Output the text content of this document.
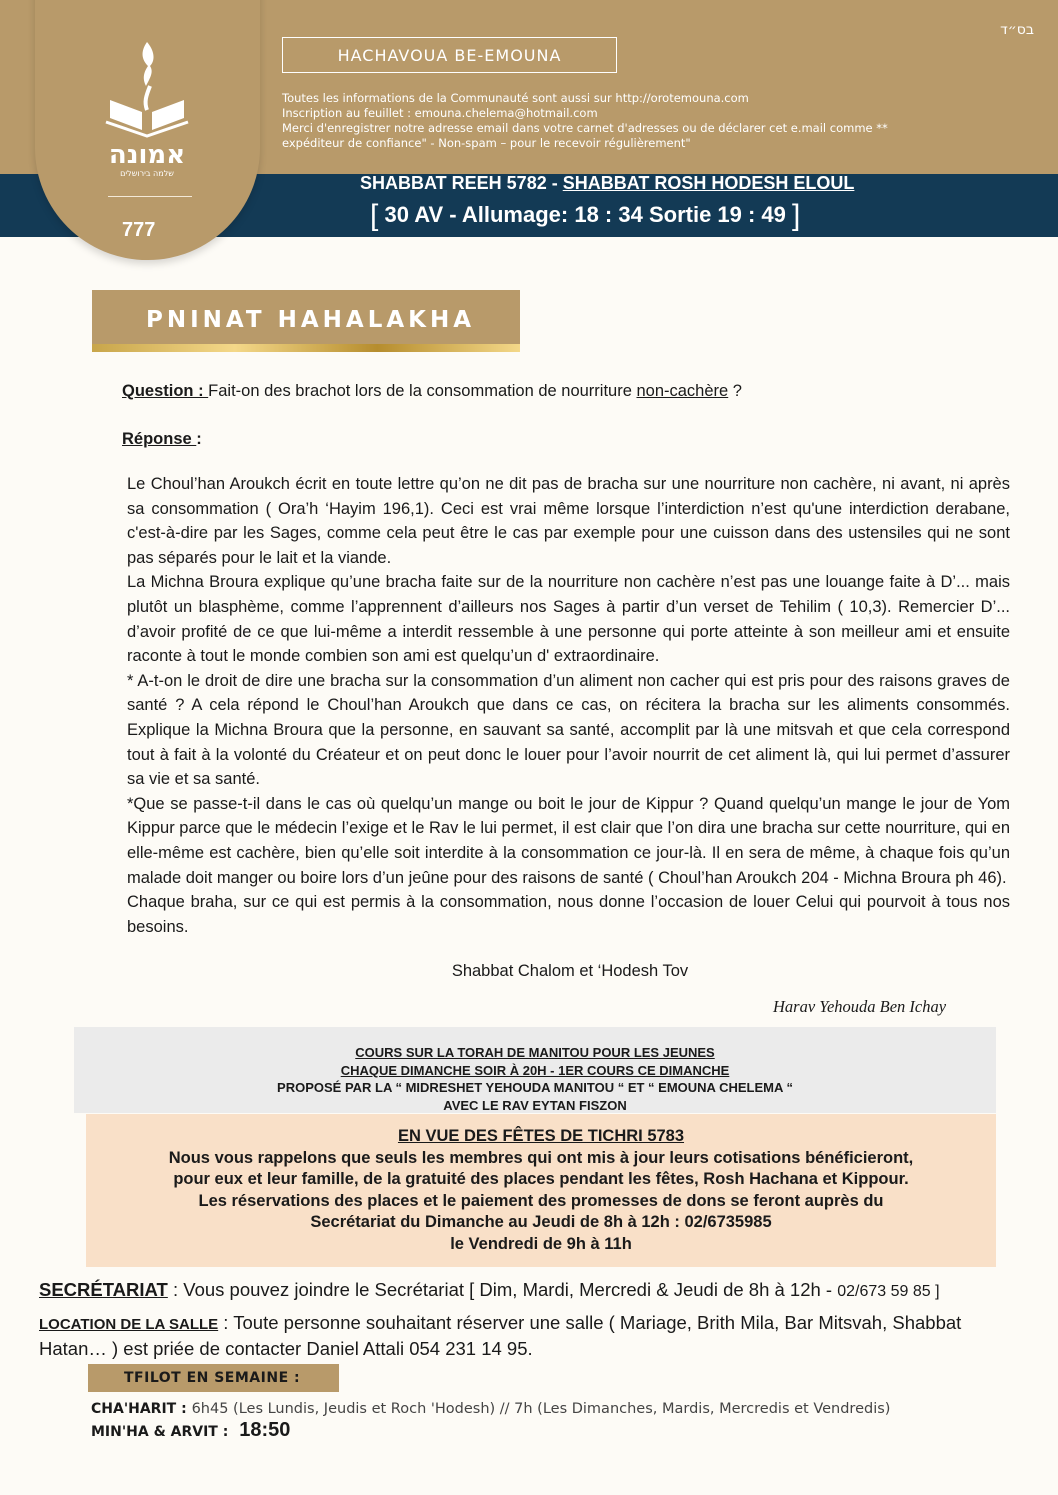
בס״ד
HACHAVOUA BE-EMOUNA
Toutes les informations de la Communauté sont aussi sur http://orotemouna.com
Inscription au feuillet : emouna.chelema@hotmail.com
Merci d'enregistrer notre adresse email dans votre carnet d'adresses ou de déclarer cet e.mail comme **
expéditeur de confiance" - Non-spam – pour le recevoir régulièrement"
אמונה
שלמה בירושלים
777
SHABBAT REEH 5782 - SHABBAT ROSH HODESH ELOUL
[ 30 AV - Allumage: 18 : 34 Sortie 19 : 49 ]
PNINAT HAHALAKHA
Question : Fait-on des brachot lors de la consommation de nourriture non-cachère ?
Réponse :

Le Choul’han Aroukch écrit en toute lettre qu’on ne dit pas de bracha sur une nourriture non cachère, ni avant, ni après sa consommation ( Ora’h ‘Hayim 196,1). Ceci est vrai même lorsque l’interdiction n’est qu'une interdiction derabane, c'est-à-dire par les Sages, comme cela peut être le cas par exemple pour une cuisson dans des ustensiles qui ne sont pas séparés pour le lait et la viande.

La Michna Broura explique qu’une bracha faite sur de la nourriture non cachère n’est pas une louange faite à D’... mais plutôt un blasphème, comme l’apprennent d’ailleurs nos Sages à partir d’un verset de Tehilim ( 10,3). Remercier D’... d’avoir profité de ce que lui-même a interdit ressemble à une personne qui porte atteinte à son meilleur ami et ensuite raconte à tout le monde combien son ami est quelqu’un d' extraordinaire.

* A-t-on le droit de dire une bracha sur la consommation d’un aliment non cacher qui est pris pour des raisons graves de santé ? A cela répond le Choul’han Aroukch que dans ce cas, on récitera la bracha sur les aliments consommés. Explique la Michna Broura que la personne, en sauvant sa santé, accomplit par là une mitsvah et que cela correspond tout à fait à la volonté du Créateur et on peut donc le louer pour l’avoir nourrit de cet aliment là, qui lui permet d’assurer sa vie et sa santé.

*Que se passe-t-il dans le cas où quelqu’un mange ou boit le jour de Kippur ? Quand quelqu’un mange le jour de Yom Kippur parce que le médecin l’exige et le Rav le lui permet, il est clair que l’on dira une bracha sur cette nourriture, qui en elle-même est cachère, bien qu’elle soit interdite à la consommation ce jour-là. Il en sera de même, à chaque fois qu’un malade doit manger ou boire lors d’un jeûne pour des raisons de santé ( Choul’han Aroukch 204 - Michna Broura ph 46).

Chaque braha, sur ce qui est permis à la consommation, nous donne l’occasion de louer Celui qui pourvoit à tous nos besoins.

Shabbat Chalom et ‘Hodesh Tov
Harav Yehouda Ben Ichay
COURS SUR LA TORAH DE MANITOU POUR LES JEUNES
CHAQUE DIMANCHE SOIR À 20H - 1ER COURS CE DIMANCHE
PROPOSÉ PAR LA “ MIDRESHET YEHOUDA MANITOU “ ET “ EMOUNA CHELEMA “
AVEC LE RAV EYTAN FISZON
EN VUE DES FÊTES DE TICHRI 5783
Nous vous rappelons que seuls les membres qui ont mis à jour leurs cotisations bénéficieront,
pour eux et leur famille, de la gratuité des places pendant les fêtes, Rosh Hachana et Kippour.
Les réservations des places et le paiement des promesses de dons se feront auprès du
Secrétariat du Dimanche au Jeudi de 8h à 12h : 02/6735985
le Vendredi de 9h à 11h
SECRÉTARIAT : Vous pouvez joindre le Secrétariat [ Dim, Mardi, Mercredi & Jeudi de 8h à 12h - 02/673 59 85 ]
LOCATION DE LA SALLE : Toute personne souhaitant réserver une salle ( Mariage, Brith Mila, Bar Mitsvah, Shabbat Hatan… ) est priée de contacter Daniel Attali 054 231 14 95.
TFILOT EN SEMAINE :
CHA'HARIT : 6h45 (Les Lundis, Jeudis et Roch 'Hodesh) // 7h (Les Dimanches, Mardis, Mercredis et Vendredis)
MIN'HA & ARVIT : 18:50
